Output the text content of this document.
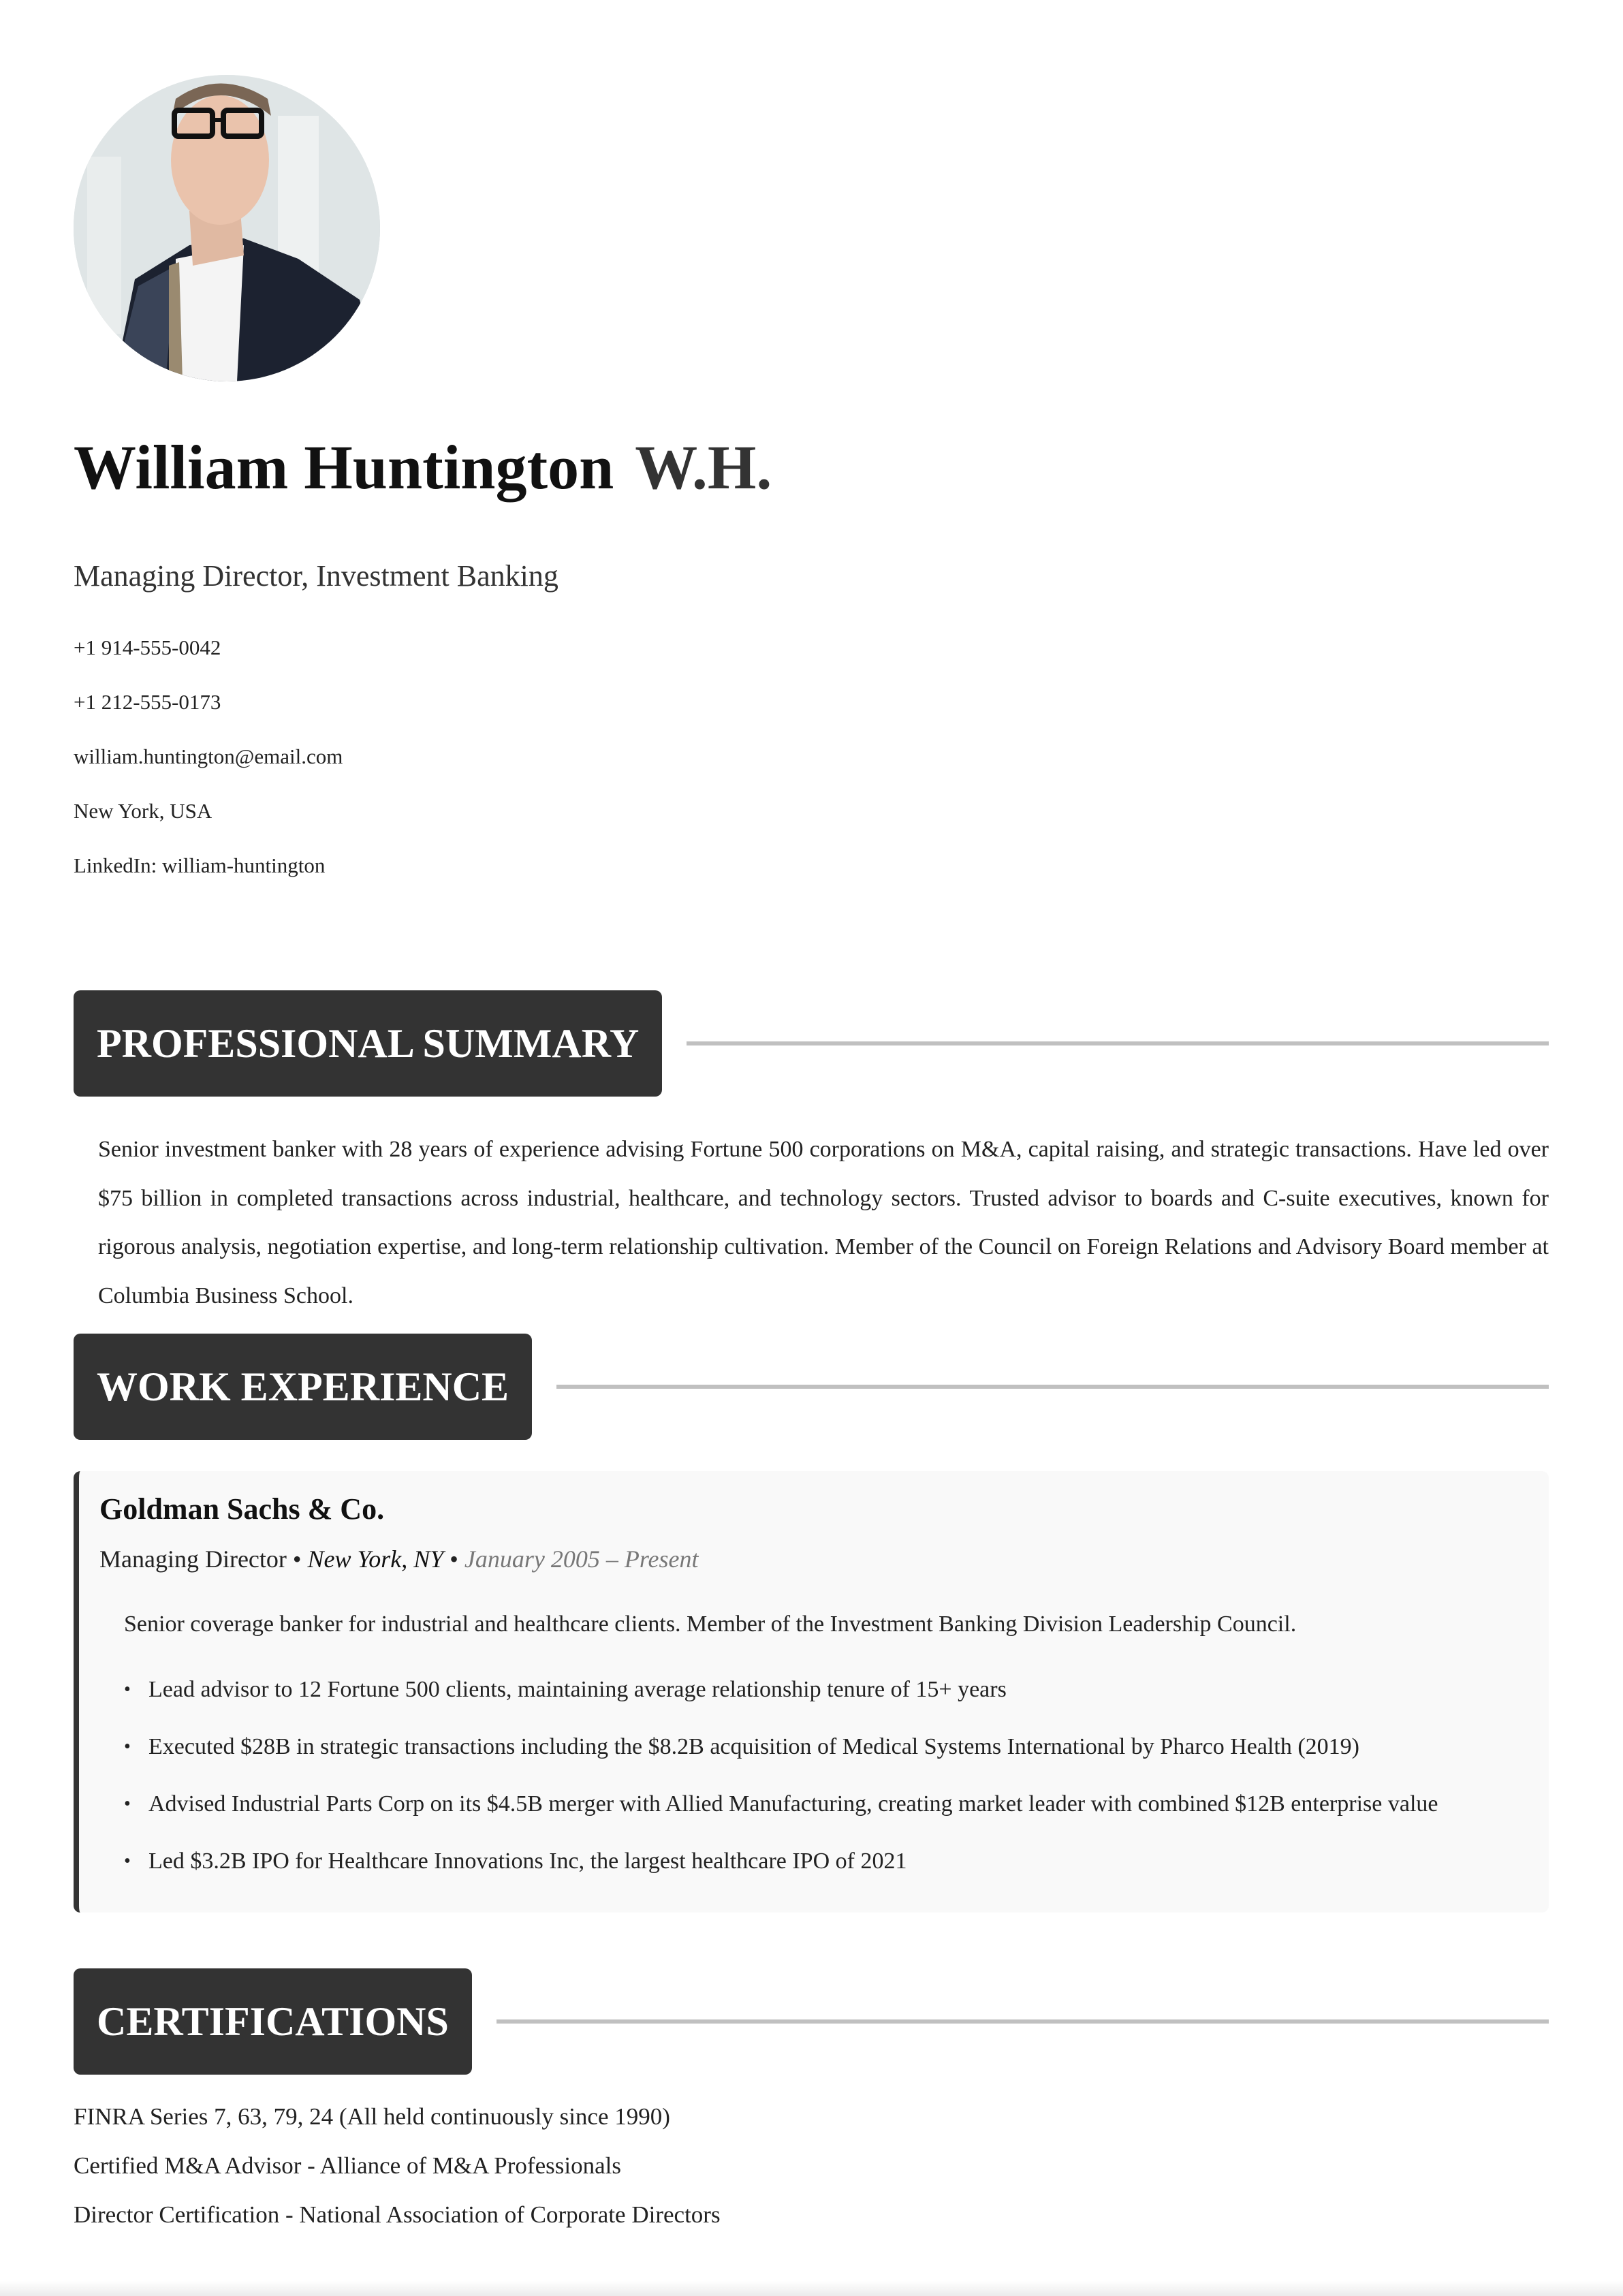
William Huntington W.H.
Managing Director, Investment Banking
+1 914-555-0042
+1 212-555-0173
william.huntington@email.com
New York, USA
LinkedIn: william-huntington
PROFESSIONAL SUMMARY
Senior investment banker with 28 years of experience advising Fortune 500 corporations on M&A, capital raising, and strategic transactions. Have led over $75 billion in completed transactions across industrial, healthcare, and technology sectors. Trusted advisor to boards and C-suite executives, known for rigorous analysis, negotiation expertise, and long-term relationship cultivation. Member of the Council on Foreign Relations and Advisory Board member at Columbia Business School.
WORK EXPERIENCE
Goldman Sachs & Co.
Managing Director • New York, NY • January 2005 – Present
Senior coverage banker for industrial and healthcare clients. Member of the Investment Banking Division Leadership Council.
• Lead advisor to 12 Fortune 500 clients, maintaining average relationship tenure of 15+ years
• Executed $28B in strategic transactions including the $8.2B acquisition of Medical Systems International by Pharco Health (2019)
• Advised Industrial Parts Corp on its $4.5B merger with Allied Manufacturing, creating market leader with combined $12B enterprise value
• Led $3.2B IPO for Healthcare Innovations Inc, the largest healthcare IPO of 2021
CERTIFICATIONS
FINRA Series 7, 63, 79, 24 (All held continuously since 1990)
Certified M&A Advisor - Alliance of M&A Professionals
Director Certification - National Association of Corporate Directors
